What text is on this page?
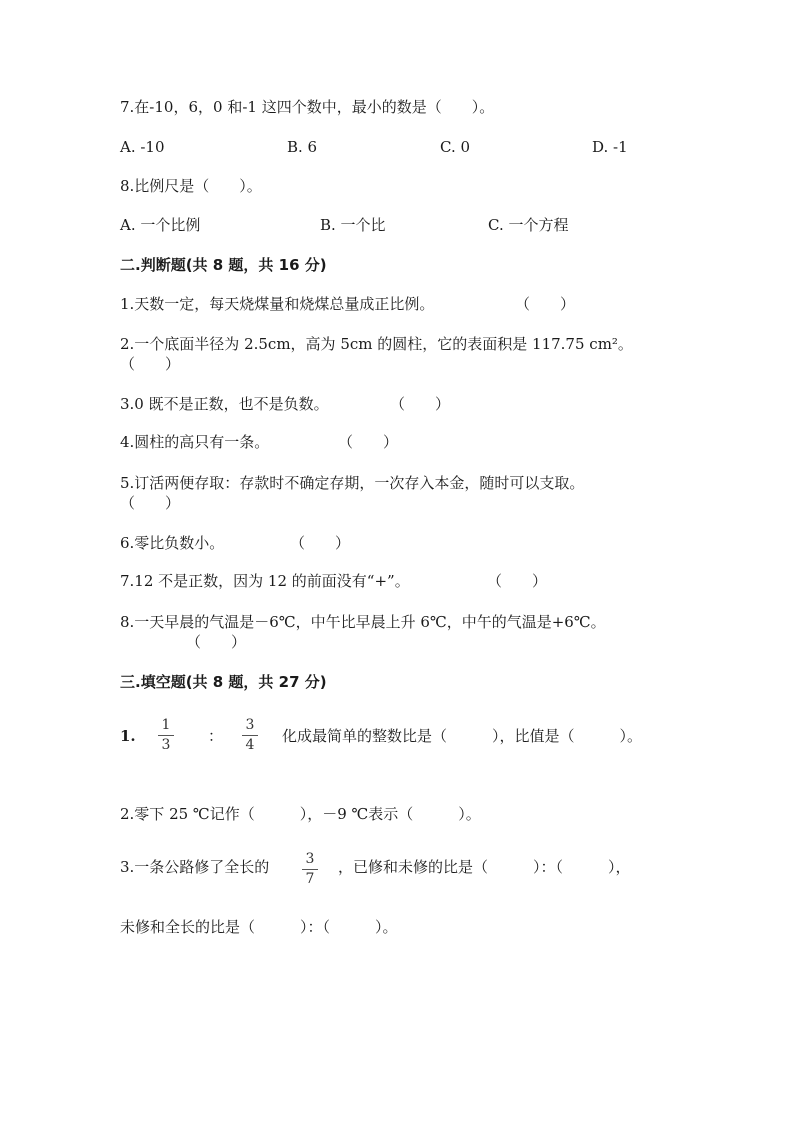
7.在-10，6，0 和-1 这四个数中，最小的数是（　　）。
A. -10	B. 6	C. 0	D. -1
8.比例尺是（　　）。
A. 一个比例	B. 一个比	C. 一个方程
二.判断题(共 8 题，共 16 分)
1.天数一定，每天烧煤量和烧煤总量成正比例。	（　　）
2.一个底面半径为 2.5cm，高为 5cm 的圆柱，它的表面积是 117.75 cm²。
（　　）
3.0 既不是正数，也不是负数。	（　　）
4.圆柱的高只有一条。	（　　）
5.订活两便存取：存款时不确定存期，一次存入本金，随时可以支取。
（　　）
6.零比负数小。	（　　）
7.12 不是正数，因为 12 的前面没有“+”。	（　　）
8.一天早晨的气温是－6℃，中午比早晨上升 6℃，中午的气温是+6℃。
（　　）
三.填空题(共 8 题，共 27 分)
1.
1
3	：
3
4	化成最简单的整数比是（　　　），比值是（　　　）。
2.零下 25 ℃记作（　　　），－9 ℃表示（　　　）。
3.一条公路修了全长的	3
7
，已修和未修的比是（　　　）：（　　　），
未修和全长的比是（　　　）：（　　　）。
